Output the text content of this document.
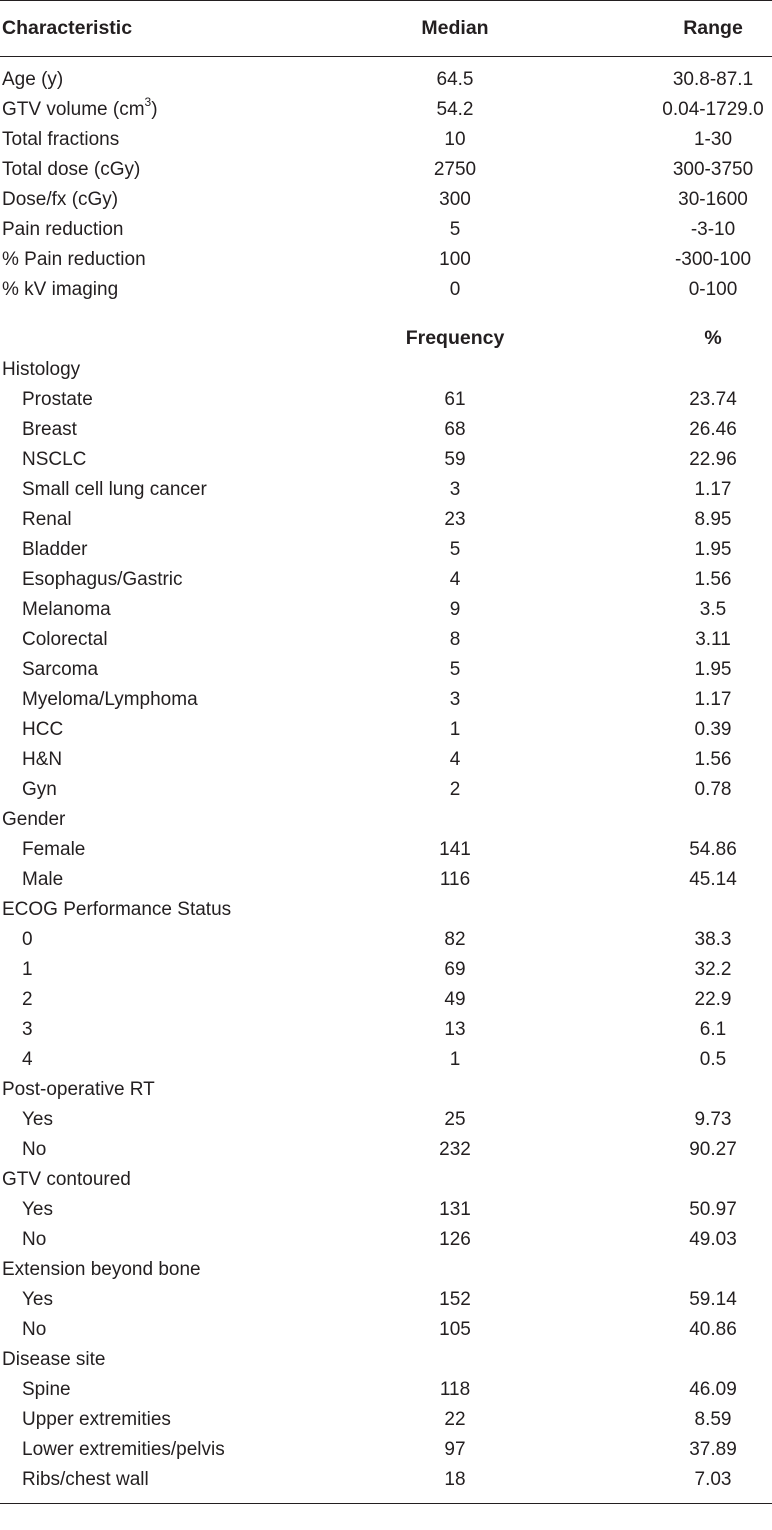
Characteristic	Median	Range
Age (y)	64.5	30.8-87.1
GTV volume $(cm^3)$	54.2	0.04-1729.0
Total fractions	10	1-30
Total dose (cGy)	2750	300-3750
Dose/fx (cGy)	300	30-1600
Pain reduction	5	-3-10
% Pain reduction	100	-300-100
% kV imaging	0	0-100
Frequency	%
Histology
Prostate	61	23.74
Breast	68	26.46
NSCLC	59	22.96
Small cell lung cancer	3	1.17
Renal	23	8.95
Bladder	5	1.95
Esophagus/Gastric	4	1.56
Melanoma	9	3.5
Colorectal	8	3.11
Sarcoma	5	1.95
Myeloma/Lymphoma	3	1.17
HCC	1	0.39
H&N	4	1.56
Gyn	2	0.78
Gender
Female	141	54.86
Male	116	45.14
ECOG Performance Status
0	82	38.3
1	69	32.2
2	49	22.9
3	13	6.1
4	1	0.5
Post-operative RT
Yes	25	9.73
No	232	90.27
GTV contoured
Yes	131	50.97
No	126	49.03
Extension beyond bone
Yes	152	59.14
No	105	40.86
Disease site
Spine	118	46.09
Upper extremities	22	8.59
Lower extremities/pelvis	97	37.89
Ribs/chest wall	18	7.03
